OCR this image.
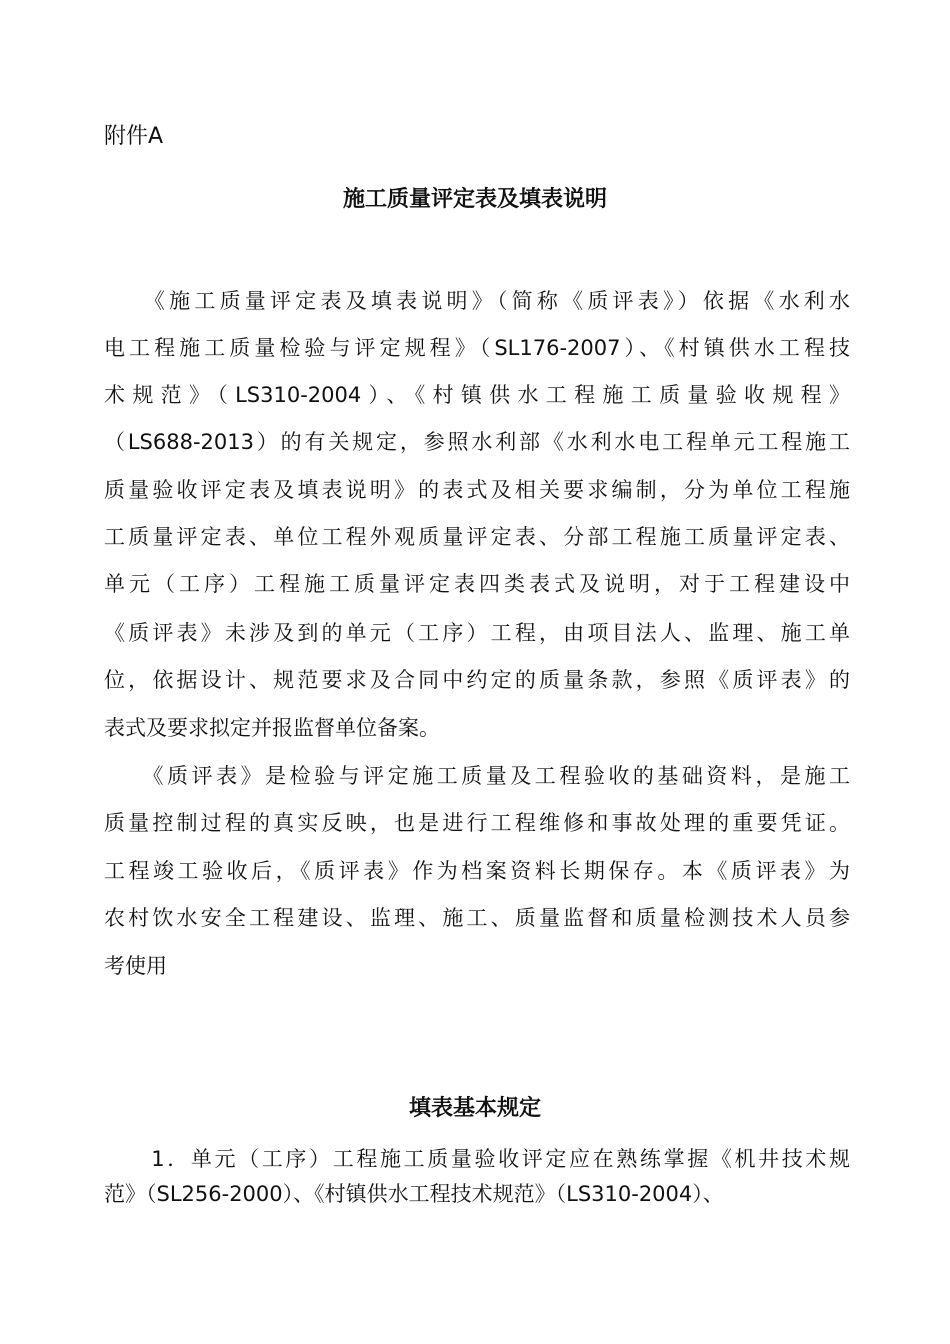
附件A
施工质量评定表及填表说明
　　《施工质量评定表及填表说明》（简称《质评表》）依据《水利水
电工程施工质量检验与评定规程》（SL176-2007）、《村镇供水工程技
术规范》（LS310-2004）、《村镇供水工程施工质量验收规程》
（LS688-2013）的有关规定，参照水利部《水利水电工程单元工程施工
质量验收评定表及填表说明》的表式及相关要求编制，分为单位工程施
工质量评定表、单位工程外观质量评定表、分部工程施工质量评定表、
单元（工序）工程施工质量评定表四类表式及说明，对于工程建设中
《质评表》未涉及到的单元（工序）工程，由项目法人、监理、施工单
位，依据设计、规范要求及合同中约定的质量条款，参照《质评表》的
表式及要求拟定并报监督单位备案。
　　《质评表》是检验与评定施工质量及工程验收的基础资料，是施工
质量控制过程的真实反映，也是进行工程维修和事故处理的重要凭证。
工程竣工验收后，《质评表》作为档案资料长期保存。本《质评表》为
农村饮水安全工程建设、监理、施工、质量监督和质量检测技术人员参
考使用
填表基本规定
　　1．单元（工序）工程施工质量验收评定应在熟练掌握《机井技术规
范》（SL256-2000）、《村镇供水工程技术规范》（LS310-2004）、
